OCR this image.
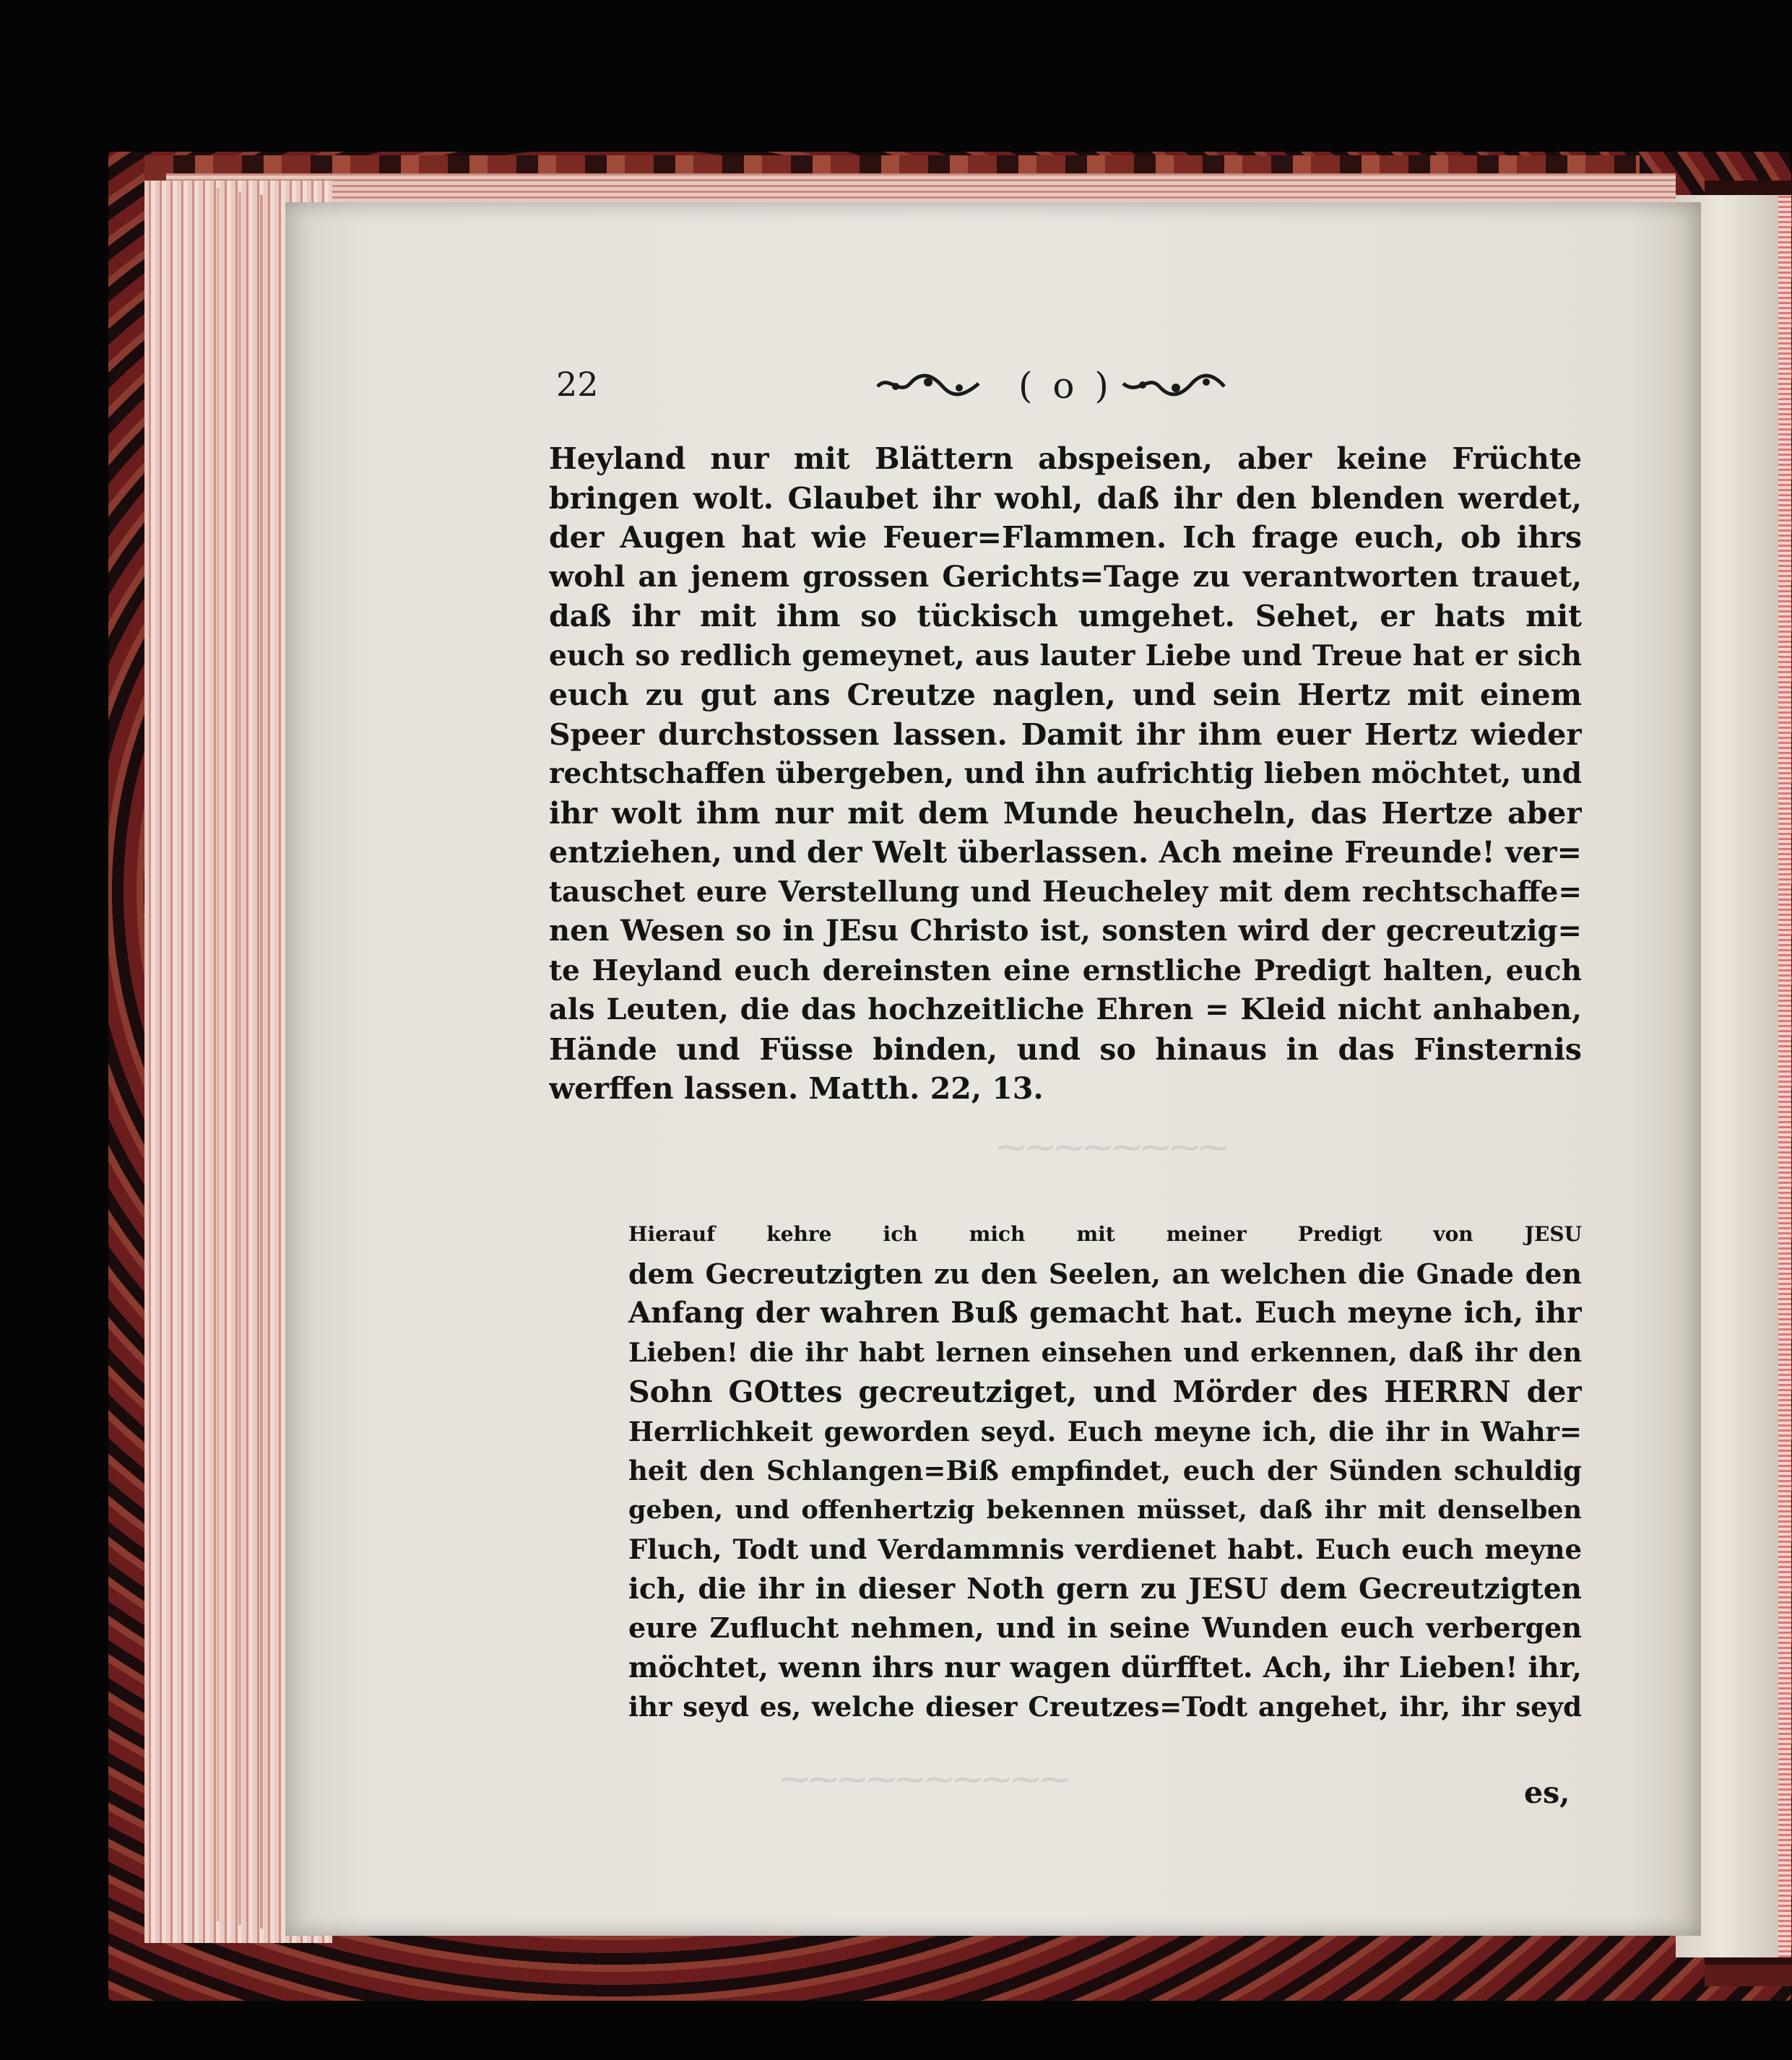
⁓⁓⁓⁓⁓⁓⁓⁓
⁓⁓⁓⁓⁓⁓⁓⁓⁓⁓
22	( o )
Heyland nur mit Blättern abspeisen, aber keine Früchte
bringen wolt. Glaubet ihr wohl, daß ihr den blenden werdet,
der Augen hat wie Feuer=Flammen. Ich frage euch, ob ihrs
wohl an jenem grossen Gerichts=Tage zu verantworten trauet,
daß ihr mit ihm so tückisch umgehet. Sehet, er hats mit
euch so redlich gemeynet, aus lauter Liebe und Treue hat er sich
euch zu gut ans Creutze naglen, und sein Hertz mit einem
Speer durchstossen lassen. Damit ihr ihm euer Hertz wieder
rechtschaffen übergeben, und ihn aufrichtig lieben möchtet, und
ihr wolt ihm nur mit dem Munde heucheln, das Hertze aber
entziehen, und der Welt überlassen. Ach meine Freunde! ver=
tauschet eure Verstellung und Heucheley mit dem rechtschaffe=
nen Wesen so in JEsu Christo ist, sonsten wird der gecreutzig=
te Heyland euch dereinsten eine ernstliche Predigt halten, euch
als Leuten, die das hochzeitliche Ehren = Kleid nicht anhaben,
Hände und Füsse binden, und so hinaus in das Finsternis
werffen lassen. Matth. 22, 13.
Hierauf kehre ich mich mit meiner Predigt von JESU
dem Gecreutzigten zu den Seelen, an welchen die Gnade den
Anfang der wahren Buß gemacht hat. Euch meyne ich, ihr
Lieben! die ihr habt lernen einsehen und erkennen, daß ihr den
Sohn GOttes gecreutziget, und Mörder des HERRN der
Herrlichkeit geworden seyd. Euch meyne ich, die ihr in Wahr=
heit den Schlangen=Biß empfindet, euch der Sünden schuldig
geben, und offenhertzig bekennen müsset, daß ihr mit denselben
Fluch, Todt und Verdammnis verdienet habt. Euch euch meyne
ich, die ihr in dieser Noth gern zu JESU dem Gecreutzigten
eure Zuflucht nehmen, und in seine Wunden euch verbergen
möchtet, wenn ihrs nur wagen dürfftet. Ach, ihr Lieben! ihr,
ihr seyd es, welche dieser Creutzes=Todt angehet, ihr, ihr seyd
es,
